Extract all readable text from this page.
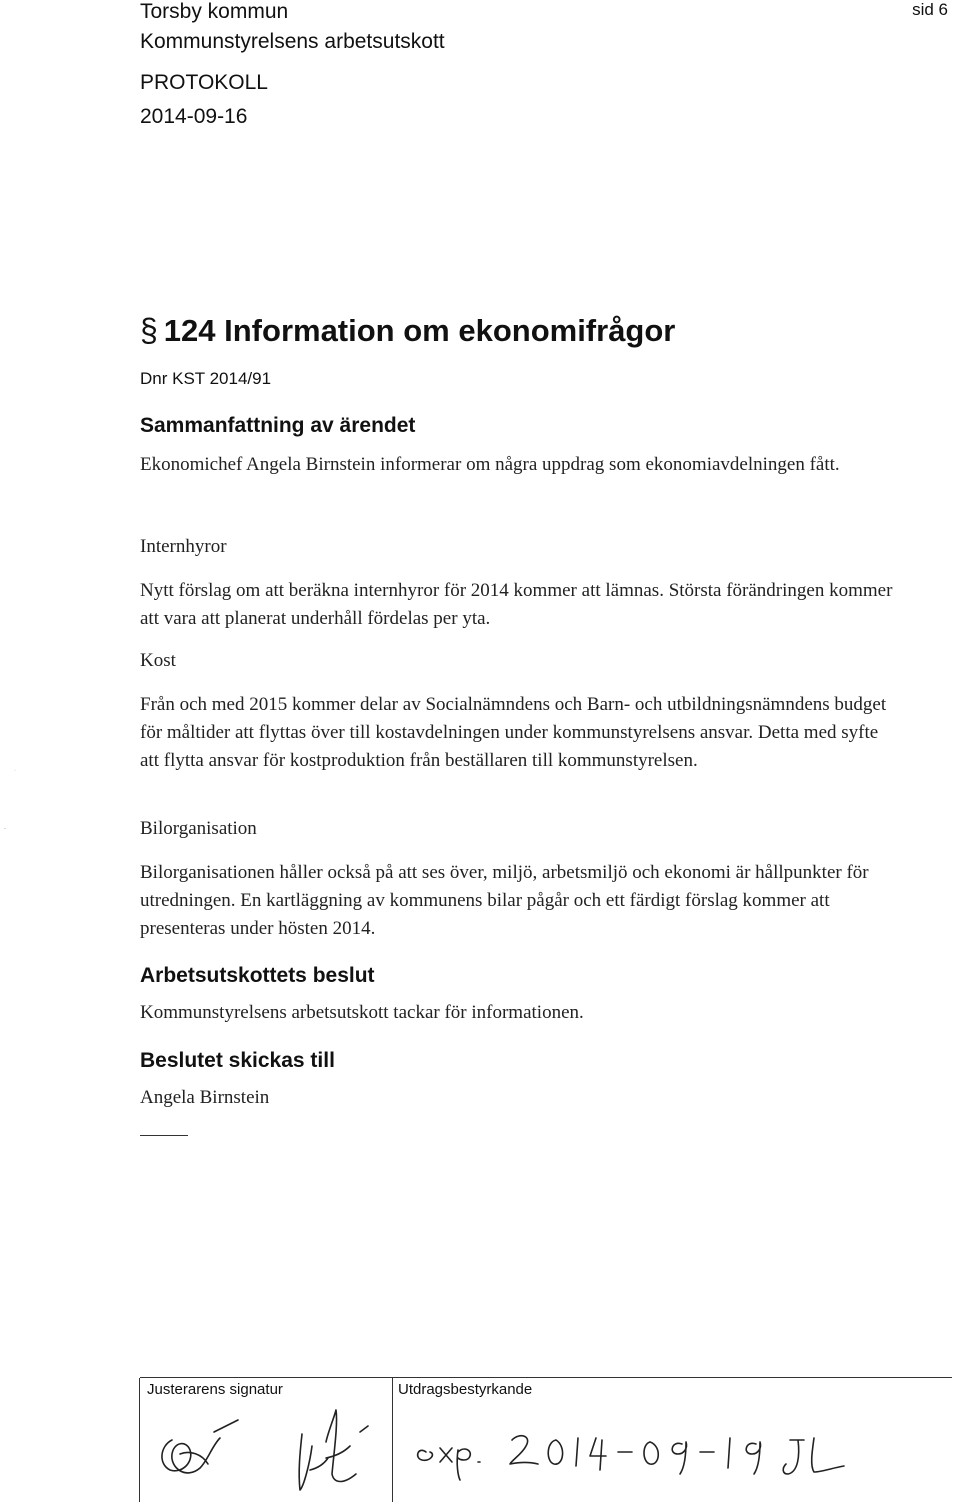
Torsby kommun
Kommunstyrelsens arbetsutskott
PROTOKOLL
2014-09-16
sid 6
§ 124 Information om ekonomifrågor
Dnr KST 2014/91
Sammanfattning av ärendet
Ekonomichef Angela Birnstein informerar om några uppdrag som ekonomiavdelningen fått.
Internhyror
Nytt förslag om att beräkna internhyror för 2014 kommer att lämnas. Största förändringen kommer att vara att planerat underhåll fördelas per yta.
Kost
Från och med 2015 kommer delar av Socialnämndens och Barn- och utbildningsnämndens budget för måltider att flyttas över till kostavdelningen under kommunstyrelsens ansvar. Detta med syfte att flytta ansvar för kostproduktion från beställaren till kommunstyrelsen.
Bilorganisation
Bilorganisationen håller också på att ses över, miljö, arbetsmiljö och ekonomi är hållpunkter för utredningen. En kartläggning av kommunens bilar pågår och ett färdigt förslag kommer att presenteras under hösten 2014.
Arbetsutskottets beslut
Kommunstyrelsens arbetsutskott tackar för informationen.
Beslutet skickas till
Angela Birnstein
·
-
Justerarens signatur	Utdragsbestyrkande
